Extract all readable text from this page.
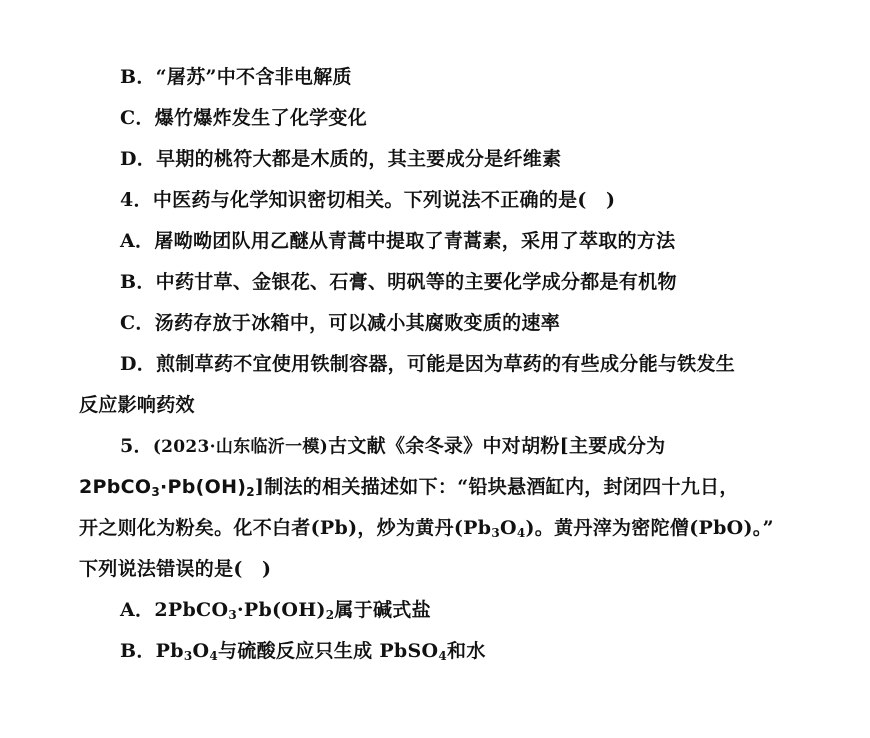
B．“屠苏”中不含非电解质
C．爆竹爆炸发生了化学变化
D．早期的桃符大都是木质的，其主要成分是纤维素
4．中医药与化学知识密切相关。下列说法不正确的是(　)
A．屠呦呦团队用乙醚从青蒿中提取了青蒿素，采用了萃取的方法
B．中药甘草、金银花、石膏、明矾等的主要化学成分都是有机物
C．汤药存放于冰箱中，可以减小其腐败变质的速率
D．煎制草药不宜使用铁制容器，可能是因为草药的有些成分能与铁发生
反应影响药效
5．(2023·山东临沂一模)古文献《余冬录》中对胡粉[主要成分为
$2PbCO_3\cdot Pb(OH)_2$]制法的相关描述如下：“铅块悬酒缸内，封闭四十九日，
开之则化为粉矣。化不白者(Pb)，炒为黄丹$(Pb_3O_4)$。黄丹滓为密陀僧(PbO)。”
下列说法错误的是(　)
A．$2PbCO_3\cdot Pb(OH)_2$属于碱式盐
B．$Pb_3O_4$与硫酸反应只生成 PbSO$_4$和水
